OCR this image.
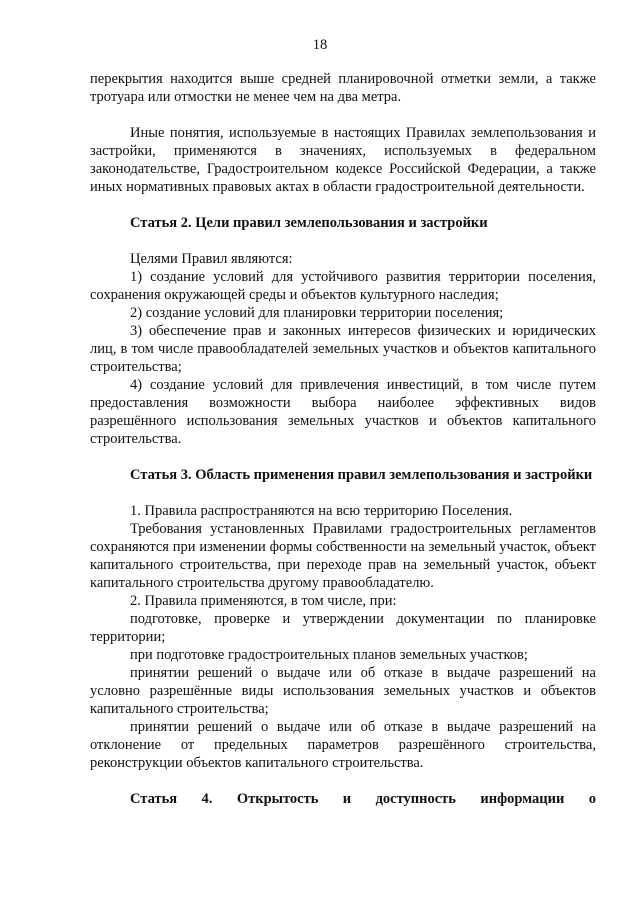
18

перекрытия находится выше средней планировочной отметки земли, а также тротуара или отмостки не менее чем на два метра.

Иные понятия, используемые в настоящих Правилах землепользования и застройки, применяются в значениях, используемых в федеральном законодательстве, Градостроительном кодексе Российской Федерации, а также иных нормативных правовых актах в области градостроительной деятельности.

Статья 2. Цели правил землепользования и застройки

Целями Правил являются:

1) создание условий для устойчивого развития территории поселения, сохранения окружающей среды и объектов культурного наследия;

2) создание условий для планировки территории поселения;

3) обеспечение прав и законных интересов физических и юридических лиц, в том числе правообладателей земельных участков и объектов капитального строительства;

4) создание условий для привлечения инвестиций, в том числе путем предоставления возможности выбора наиболее эффективных видов разрешённого использования земельных участков и объектов капитального строительства.

Статья 3. Область применения правил землепользования и застройки

1. Правила распространяются на всю территорию Поселения.

Требования установленных Правилами градостроительных регламентов сохраняются при изменении формы собственности на земельный участок, объект капитального строительства, при переходе прав на земельный участок, объект капитального строительства другому правообладателю.

2. Правила применяются, в том числе, при:

подготовке, проверке и утверждении документации по планировке территории;

при подготовке градостроительных планов земельных участков;

принятии решений о выдаче или об отказе в выдаче разрешений на условно разрешённые виды использования земельных участков и объектов капитального строительства;

принятии решений о выдаче или об отказе в выдаче разрешений на отклонение от предельных параметров разрешённого строительства, реконструкции объектов капитального строительства.

Статья 4. Открытость и доступность информации о
